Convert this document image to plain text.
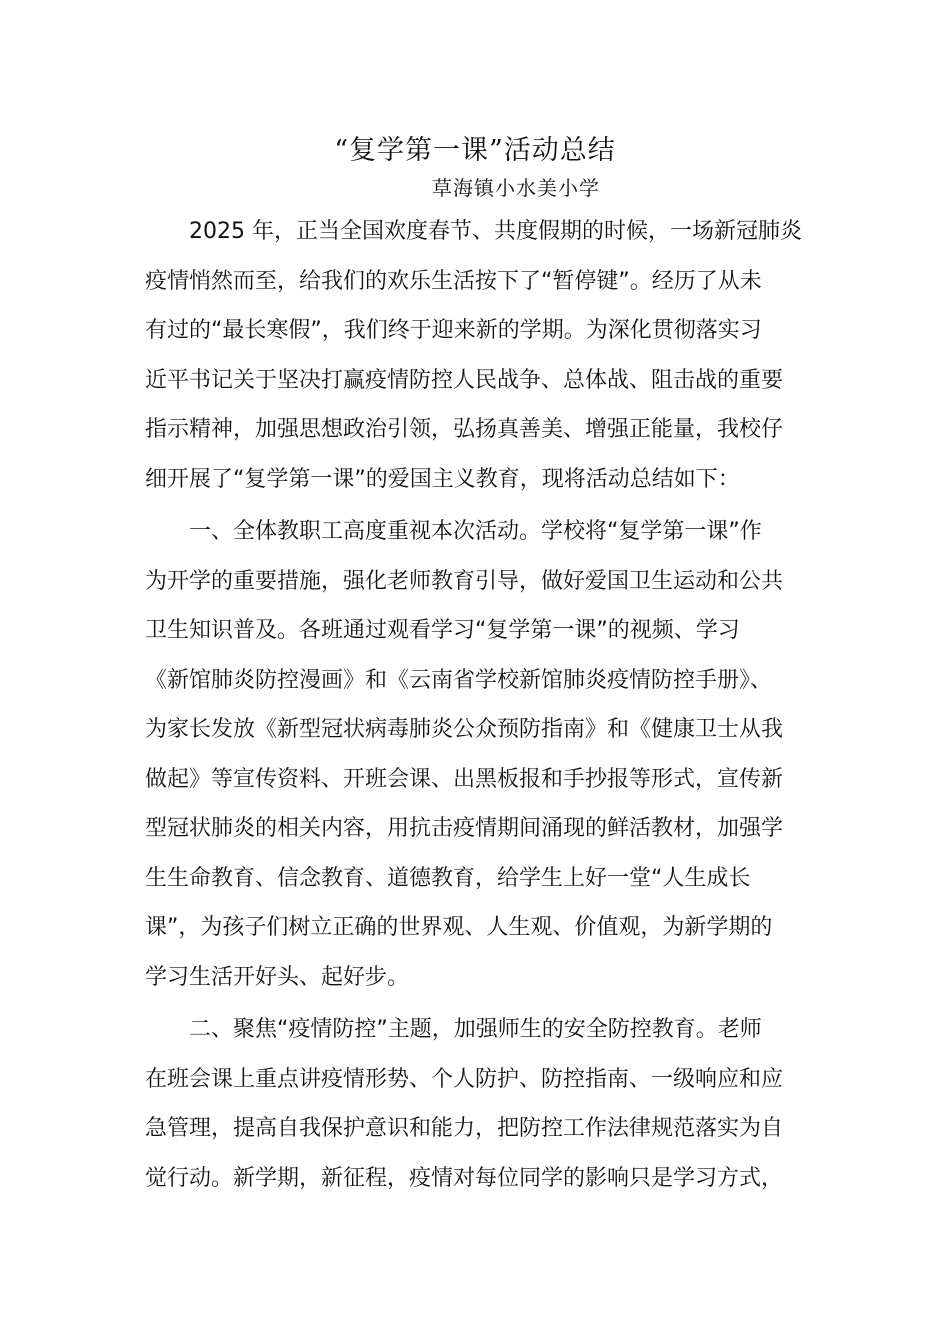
“复学第一课”活动总结
草海镇小水美小学
2025 年，正当全国欢度春节、共度假期的时候，一场新冠肺炎
疫情悄然而至，给我们的欢乐生活按下了“暂停键”。经历了从未
有过的“最长寒假”，我们终于迎来新的学期。为深化贯彻落实习
近平书记关于坚决打赢疫情防控人民战争、总体战、阻击战的重要
指示精神，加强思想政治引领，弘扬真善美、增强正能量，我校仔
细开展了“复学第一课”的爱国主义教育，现将活动总结如下：
一、全体教职工高度重视本次活动。学校将“复学第一课”作
为开学的重要措施，强化老师教育引导，做好爱国卫生运动和公共
卫生知识普及。各班通过观看学习“复学第一课”的视频、学习
《新馆肺炎防控漫画》和《云南省学校新馆肺炎疫情防控手册》、
为家长发放《新型冠状病毒肺炎公众预防指南》和《健康卫士从我
做起》等宣传资料、开班会课、出黑板报和手抄报等形式，宣传新
型冠状肺炎的相关内容，用抗击疫情期间涌现的鲜活教材，加强学
生生命教育、信念教育、道德教育，给学生上好一堂“人生成长
课”，为孩子们树立正确的世界观、人生观、价值观，为新学期的
学习生活开好头、起好步。
二、聚焦“疫情防控”主题，加强师生的安全防控教育。老师
在班会课上重点讲疫情形势、个人防护、防控指南、一级响应和应
急管理，提高自我保护意识和能力，把防控工作法律规范落实为自
觉行动。新学期，新征程，疫情对每位同学的影响只是学习方式，
